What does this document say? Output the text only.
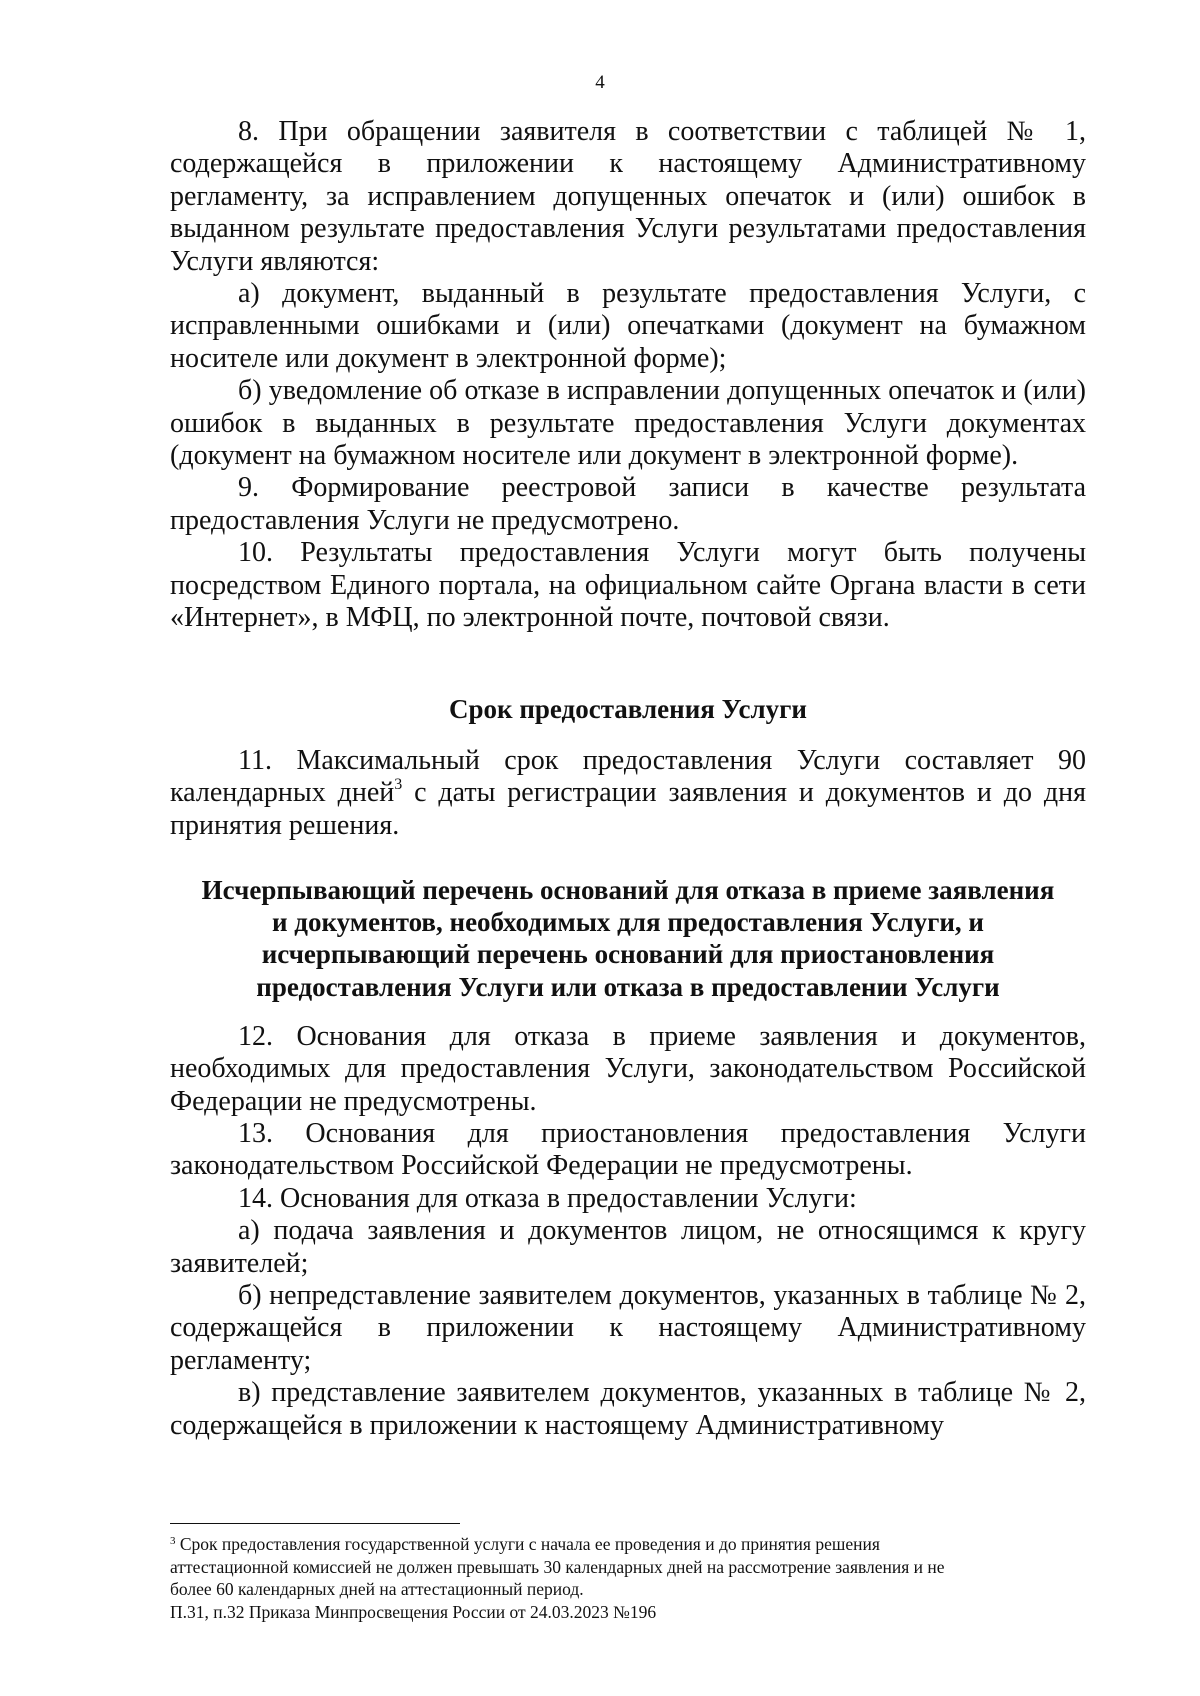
4

8. При обращении заявителя в соответствии с таблицей № 1, содержащейся в приложении к настоящему Административному регламенту, за исправлением допущенных опечаток и (или) ошибок в выданном результате предоставления Услуги результатами предоставления Услуги являются:

а) документ, выданный в результате предоставления Услуги, с исправленными ошибками и (или) опечатками (документ на бумажном носителе или документ в электронной форме);

б) уведомление об отказе в исправлении допущенных опечаток и (или) ошибок в выданных в результате предоставления Услуги документах (документ на бумажном носителе или документ в электронной форме).

9. Формирование реестровой записи в качестве результата предоставления Услуги не предусмотрено.

10. Результаты предоставления Услуги могут быть получены посредством Единого портала, на официальном сайте Органа власти в сети «Интернет», в МФЦ, по электронной почте, почтовой связи.

Срок предоставления Услуги

11. Максимальный срок предоставления Услуги составляет 90 календарных дней$^3$ с даты регистрации заявления и документов и до дня принятия решения.

Исчерпывающий перечень оснований для отказа в приеме заявления
и документов, необходимых для предоставления Услуги, и
исчерпывающий перечень оснований для приостановления
предоставления Услуги или отказа в предоставлении Услуги

12. Основания для отказа в приеме заявления и документов, необходимых для предоставления Услуги, законодательством Российской Федерации не предусмотрены.

13. Основания для приостановления предоставления Услуги законодательством Российской Федерации не предусмотрены.

14. Основания для отказа в предоставлении Услуги:

а) подача заявления и документов лицом, не относящимся к кругу заявителей;

б) непредставление заявителем документов, указанных в таблице № 2, содержащейся в приложении к настоящему Административному регламенту;

в) представление заявителем документов, указанных в таблице № 2, содержащейся в приложении к настоящему Административному

$^3$ Срок предоставления государственной услуги с начала ее проведения и до принятия решения

аттестационной комиссией не должен превышать 30 календарных дней на рассмотрение заявления и не

более 60 календарных дней на аттестационный период.

П.31, п.32 Приказа Минпросвещения России от 24.03.2023 №196
